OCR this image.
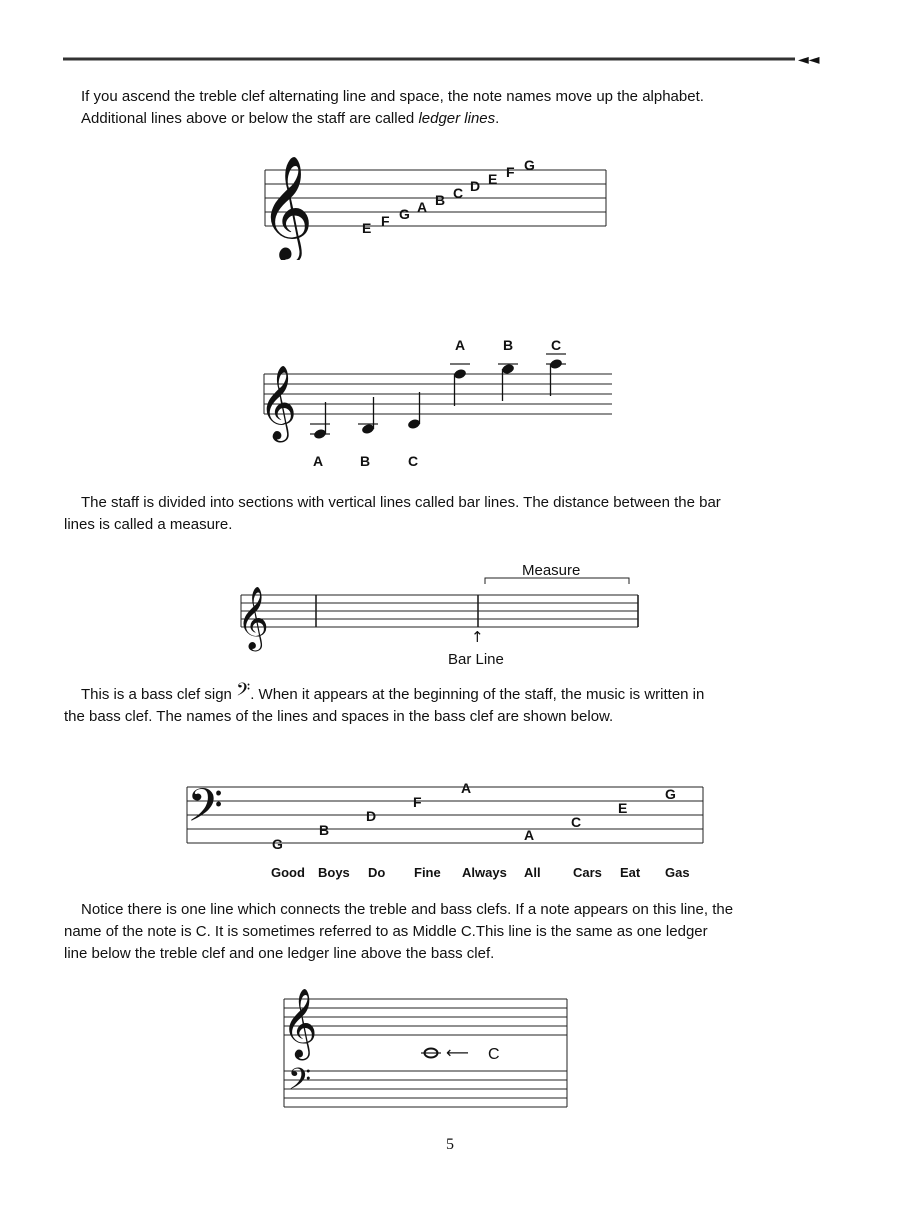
◄◄

If you ascend the treble clef alternating line and space, the note names move up the alphabet.

Additional lines above or below the staff are called ledger lines.

𝄞	E F G A B C D E F G
𝄞
A	B	C
A	B	C

The staff is divided into sections with vertical lines called bar lines. The distance between the bar

lines is called a measure.

𝄞
Measure
↑
Bar Line

This is a bass clef sign 𝄢. When it appears at the beginning of the staff, the music is written in

the bass clef. The names of the lines and spaces in the bass clef are shown below.

𝄢	G
B
D
F
A
A
C
E
G
Good Boys Do Fine Always All Cars Eat Gas

Notice there is one line which connects the treble and bass clefs. If a note appears on this line, the

name of the note is C. It is sometimes referred to as Middle C.This line is the same as one ledger

line below the treble clef and one ledger line above the bass clef.

𝄞
𝄢
⟵ C
5
